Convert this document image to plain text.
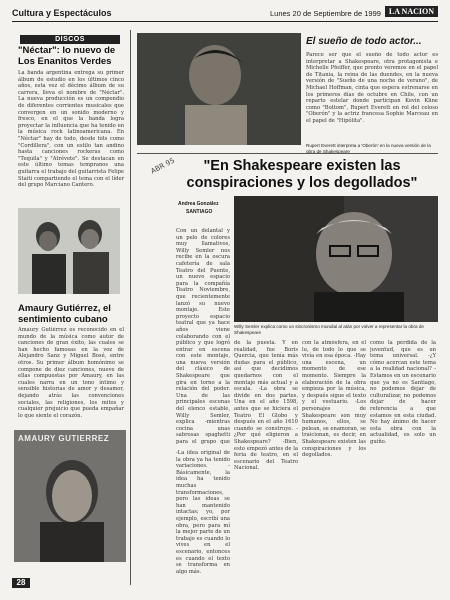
Cultura y Espectáculos	Lunes 20 de Septiembre de 1999 LA NACION
DISCOS
"Néctar": lo nuevo de Los Enanitos Verdes
La banda argentina entrega su primer álbum de estudio en los últimos cinco años, esta vez el décimo álbum de su carrera, lleva el nombre de "Néctar". La nueva producción es un compendio de diferentes corrientes musicales que convergen en un sonido moderno y fresco, en el que la banda logra proyectar la influencia que ha tenido en la música rock latinoamericana. En "Néctar" hay de todo, desde hits como "Cordillera", con un estilo tan andino hasta canciones rockeras como "Tequila" y "Atrévete". Se destacan en este último temas tempranos una guitarra el trabajo del guitarrista Felipe Staiti compartiendo el tema con el líder del grupo Marciano Cantero.
Amaury Gutiérrez, el sentimiento cubano
Amaury Gutiérrez es reconocido en el mundo de la música como autor de canciones de gran éxito, las cuales se han hecho famosas en la voz de Alejandro Sanz y Miguel Bosé, entre otros. Su primer álbum homónimo se compone de diez canciones, nueve de ellas compuestas por Amaury, en las cuales narra en un tono íntimo y sensible historias de amor y desamor, dejando atrás las convenciones sociales, las religiones, los mitos y cualquier prejuicio que pueda empañar lo que siente el corazón.
AMAURY GUTIERREZ
El sueño de todo actor...
Parece ser que el sueño de todo actor es interpretar a Shakespeare, otra protagonista e Michelle Pfeiffer, que pronto veremos en el papel de Titania, la reina de las duendes, en la nueva versión de "Sueño de una noche de verano", de Michael Hoffman, cinta que espera estrenarse en los primeros días de octubre en Chile, con un reparto estelar donde participan Kevin Kline como "Bottom", Rupert Everett en rol del celoso "Oberón" y la actriz francesa Sophie Marceau en el papel de "Hipólita".
Rupert Everett interpreta a 'Oberón' en la nueva versión de la obra de Shakespeare
ABR 95	"En Shakespeare existen las conspiraciones y los degollados"
Andrea González
SANTIAGO
Con un delantal y un pelo de colores muy llamativos, Willy Semler nos recibe en la oscura cafetería de sala Teatro del Puente, un nuevo espacio para la compañía Teatro Noviembre, que recientemente lanzó su nuevo montaje. Este proyecto espacio teatral que ya hace años viene colaborando con el público y que logró entrar en escena con este montaje, una nueva versión del clásico de Shakespeare que gira en torno a la relación del poder. Una de las principales escenas del elenco estable, Willy Semler, explica -mientras cocina unas sabrosas spaghetti para el grupo que
-La idea original de la obra ya ha tenido variaciones. -Básicamente, la idea ha tenido muchas transformaciones, pero las ideas se han mantenido intactas; yo, por ejemplo, escribí una obra, pero para mí la mejor parte de un trabajo es cuando lo vives en el escenario, entonces es cuando el texto se transforma en algo más.
Willy Semler explica como un sincronismo mundial al atán por volver a representar la obra de Shakespeare
de la puesta. Y en realidad, fue Boris Quercia, que tenía más dudas para el público, así que decidimos quedarnos con el montaje más actual y a escala. -La obra se divide en dos partes. Una en el año 1598, antes que se hiciera el Teatro El Globo y después en el año 1610 cuando se construye. -¿Por qué eligieron a Shakespeare? -Bien, esto empezó antes de la feria de teatro, en el escenario del Teatro Nacional.
con la atmósfera, en el lu, de todo lo que se vivía en esa época. -Hay una escena, un momento de ese momento. Siempre la elaboración de la obra empieza por la música, y después sigue el texto y el vestuario. -Los personajes de Shakespeare son muy humanos, ellos, se pelean, se enamoran, se traicionan, es decir, en Shakespeare existen las conspiraciones y los degollados.
como la pérdida de la juventud, que es un tema universal. -¿Y cómo acercan este tema a la realidad nacional? -Estamos en un escenario que ya no es Santiago, no podemos dejar de culturalizar, no podemos dejar de hacer referencia a que estamos en esta ciudad. No hay ánimo de hacer esta obra con la actualidad, es solo un guiño.
28
